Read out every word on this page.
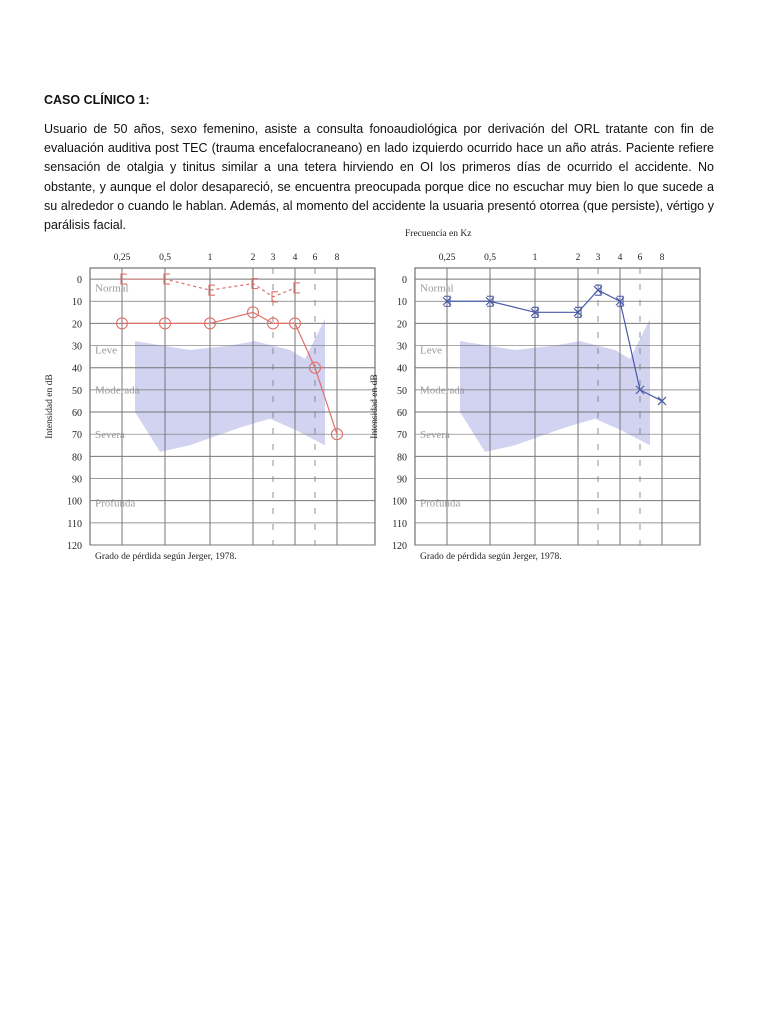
CASO CLÍNICO 1:

Usuario de 50 años, sexo femenino, asiste a consulta fonoaudiológica por derivación del ORL tratante con fin de evaluación auditiva post TEC (trauma encefalocraneano) en lado izquierdo ocurrido hace un año atrás. Paciente refiere sensación de otalgia y tinitus similar a una tetera hirviendo en OI los primeros días de ocurrido el accidente. No obstante, y aunque el dolor desapareció, se encuentra preocupada porque dice no escuchar muy bien lo que sucede a su alrededor o cuando le hablan. Además, al momento del accidente la usuaria presentó otorrea (que persiste), vértigo y parálisis facial.

0
10
20
30
40
50
60
70
80
90
100
110
120
0,25	0,5	1	2 3 4 6 8
Normal
Leve
Moderada
Severa
Profunda
Intensidad en dB
Grado de pérdida según Jerger, 1978.
0
10
20
30
40
50
60
70
80
90
100
110
120
0,25	0,5	1	2 3 4 6 8
Normal
Leve
Moderada
Severa
Profunda
Intensidad en dB
Frecuencia en Kz
Grado de pérdida según Jerger, 1978.
